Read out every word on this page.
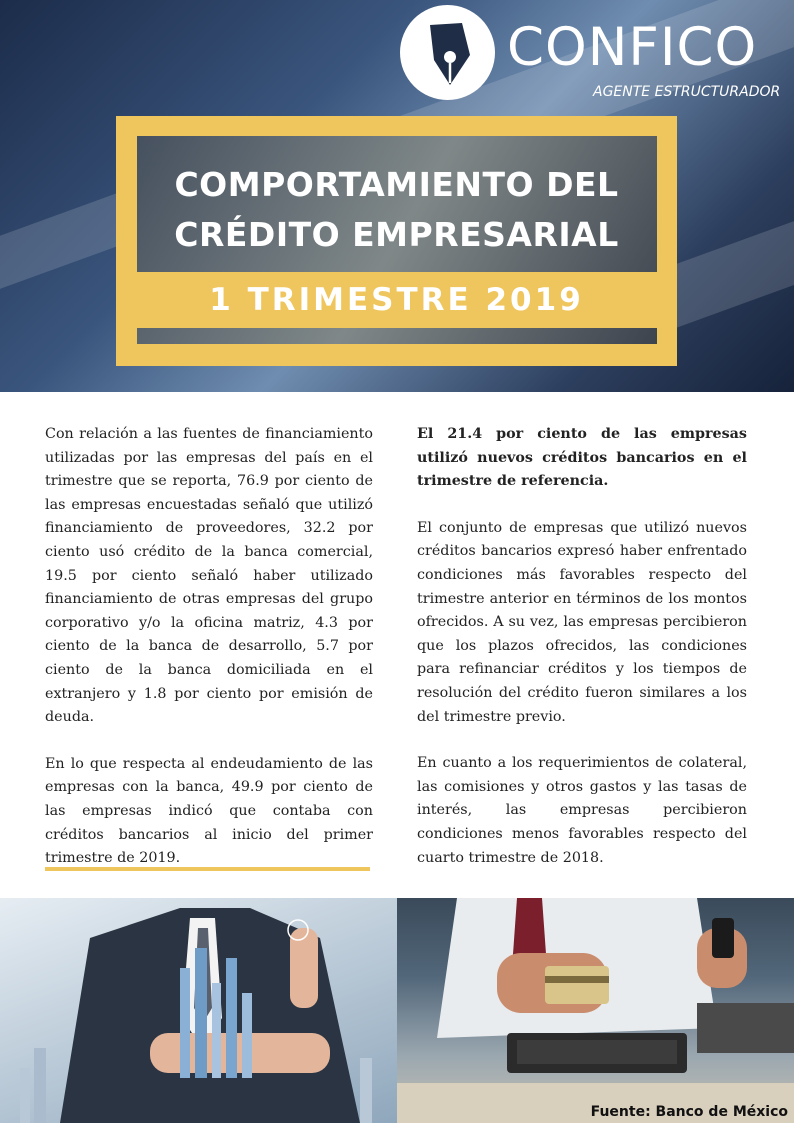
CONFICO
AGENTE ESTRUCTURADOR
COMPORTAMIENTO DEL
CRÉDITO EMPRESARIAL
1 TRIMESTRE 2019

Con relación a las fuentes de financiamiento utilizadas por las empresas del país en el trimestre que se reporta, 76.9 por ciento de las empresas encuestadas señaló que utilizó financiamiento de proveedores, 32.2 por ciento usó crédito de la banca comercial, 19.5 por ciento señaló haber utilizado financiamiento de otras empresas del grupo corporativo y/o la oficina matriz, 4.3 por ciento de la banca de desarrollo, 5.7 por ciento de la banca domiciliada en el extranjero y 1.8 por ciento por emisión de deuda.

En lo que respecta al endeudamiento de las empresas con la banca, 49.9 por ciento de las empresas indicó que contaba con créditos bancarios al inicio del primer trimestre de 2019.

El 21.4 por ciento de las empresas utilizó nuevos créditos bancarios en el trimestre de referencia.

El conjunto de empresas que utilizó nuevos créditos bancarios expresó haber enfrentado condiciones más favorables respecto del trimestre anterior en términos de los montos ofrecidos. A su vez, las empresas percibieron que los plazos ofrecidos, las condiciones para refinanciar créditos y los tiempos de resolución del crédito fueron similares a los del trimestre previo.

En cuanto a los requerimientos de colateral, las comisiones y otros gastos y las tasas de interés, las empresas percibieron condiciones menos favorables respecto del cuarto trimestre de 2018.

Fuente: Banco de México
